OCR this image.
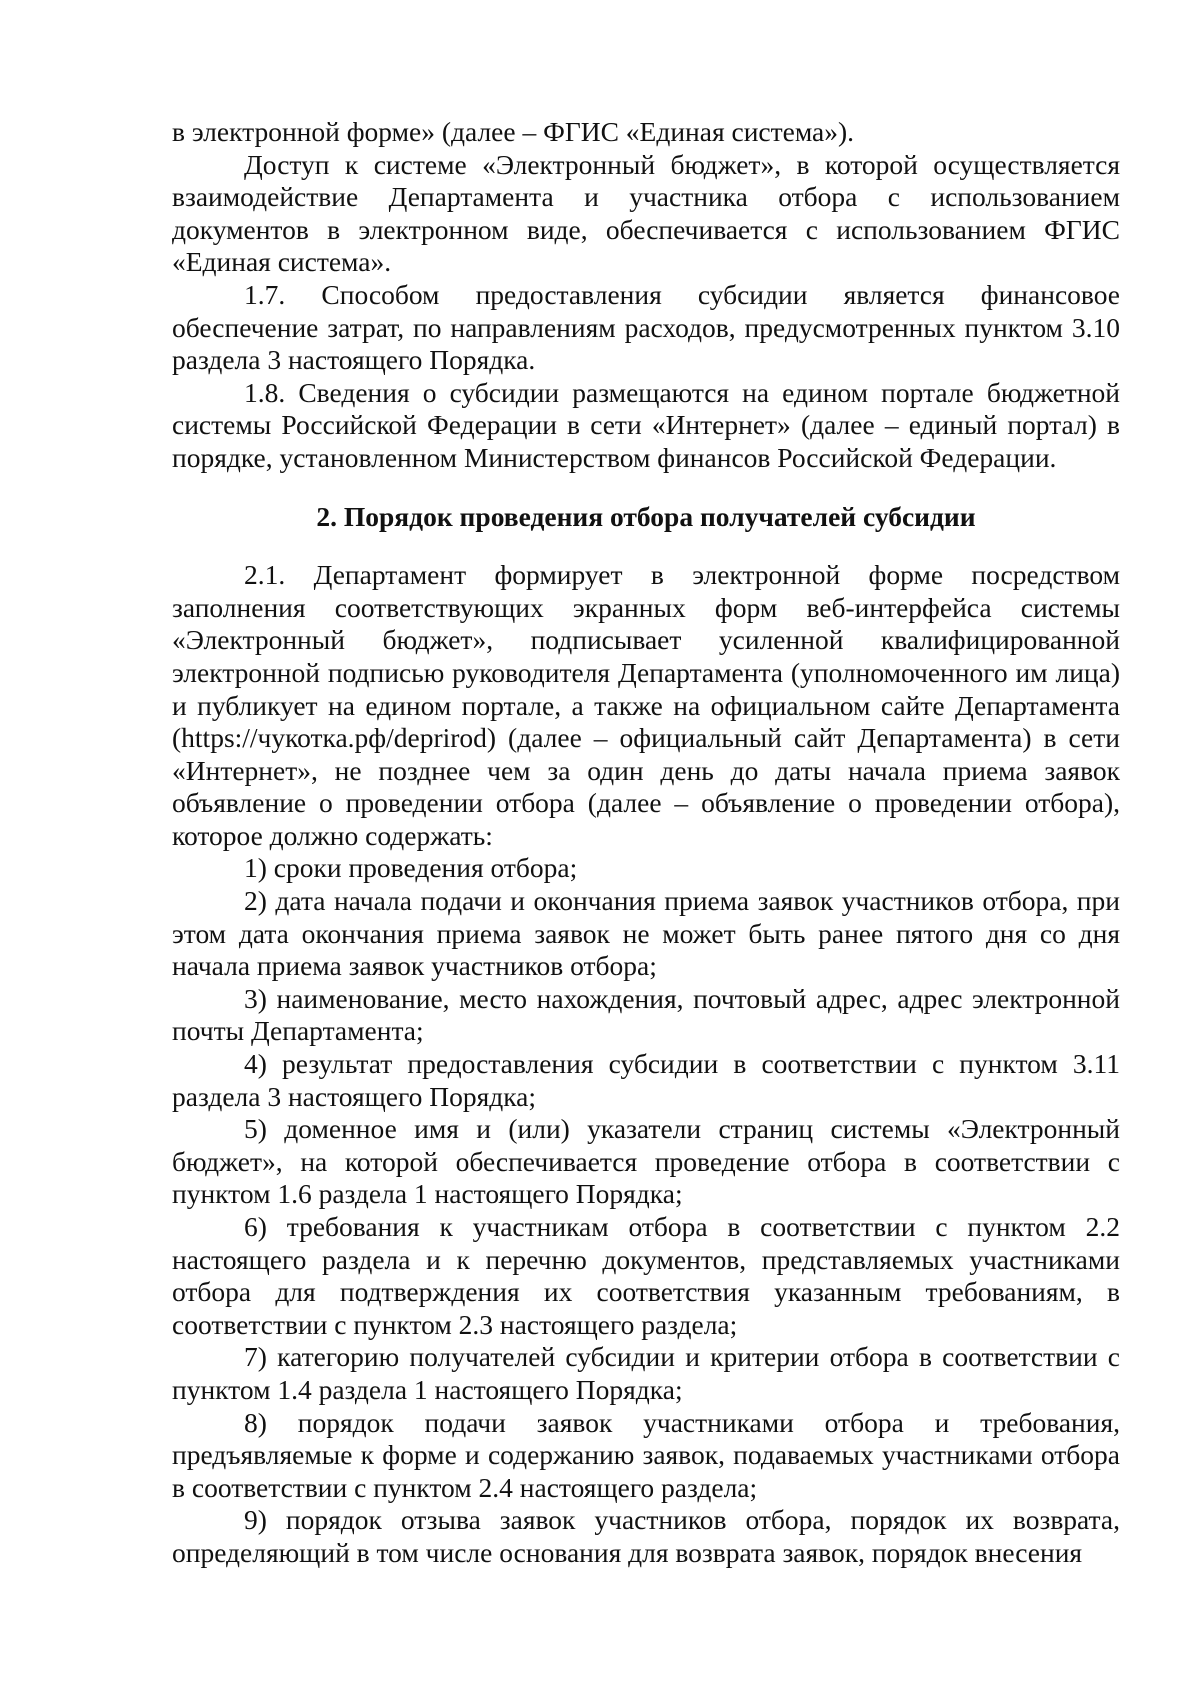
в электронной форме» (далее – ФГИС «Единая система»).

Доступ к системе «Электронный бюджет», в которой осуществляется взаимодействие Департамента и участника отбора с использованием документов в электронном виде, обеспечивается с использованием ФГИС «Единая система».

1.7. Способом предоставления субсидии является финансовое обеспечение затрат, по направлениям расходов, предусмотренных пунктом 3.10 раздела 3 настоящего Порядка.

1.8. Сведения о субсидии размещаются на едином портале бюджетной системы Российской Федерации в сети «Интернет» (далее – единый портал) в порядке, установленном Министерством финансов Российской Федерации.

2. Порядок проведения отбора получателей субсидии

2.1. Департамент формирует в электронной форме посредством заполнения соответствующих экранных форм веб-интерфейса системы «Электронный бюджет», подписывает усиленной квалифицированной электронной подписью руководителя Департамента (уполномоченного им лица) и публикует на едином портале, а также на официальном сайте Департамента (https://чукотка.рф/deprirod) (далее – официальный сайт Департамента) в сети «Интернет», не позднее чем за один день до даты начала приема заявок объявление о проведении отбора (далее – объявление о проведении отбора), которое должно содержать:

1) сроки проведения отбора;

2) дата начала подачи и окончания приема заявок участников отбора, при этом дата окончания приема заявок не может быть ранее пятого дня со дня начала приема заявок участников отбора;

3) наименование, место нахождения, почтовый адрес, адрес электронной почты Департамента;

4) результат предоставления субсидии в соответствии с пунктом 3.11 раздела 3 настоящего Порядка;

5) доменное имя и (или) указатели страниц системы «Электронный бюджет», на которой обеспечивается проведение отбора в соответствии с пунктом 1.6 раздела 1 настоящего Порядка;

6) требования к участникам отбора в соответствии с пунктом 2.2 настоящего раздела и к перечню документов, представляемых участниками отбора для подтверждения их соответствия указанным требованиям, в соответствии с пунктом 2.3 настоящего раздела;

7) категорию получателей субсидии и критерии отбора в соответствии с пунктом 1.4 раздела 1 настоящего Порядка;

8) порядок подачи заявок участниками отбора и требования, предъявляемые к форме и содержанию заявок, подаваемых участниками отбора в соответствии с пунктом 2.4 настоящего раздела;

9) порядок отзыва заявок участников отбора, порядок их возврата, определяющий в том числе основания для возврата заявок, порядок внесения
